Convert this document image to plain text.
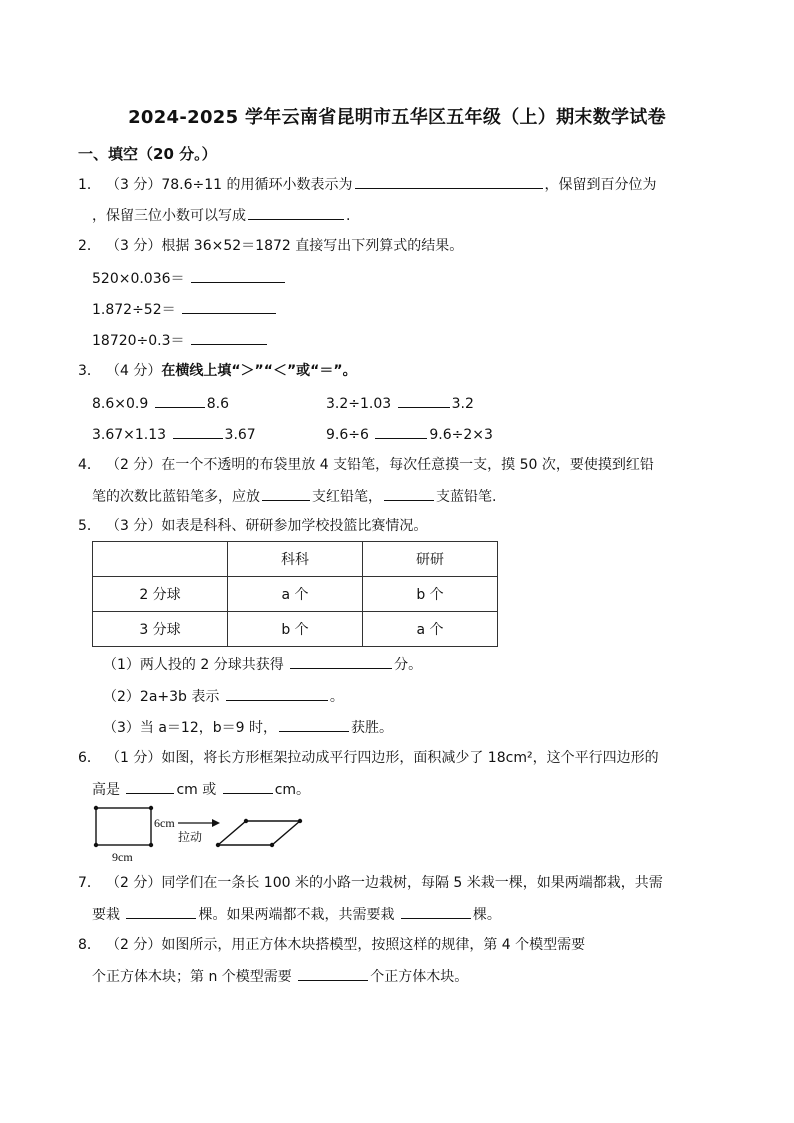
2024-2025 学年云南省昆明市五华区五年级（上）期末数学试卷
一、填空（20 分。）
1． （3 分）78.6÷11 的用循环小数表示为	，保留到百分位为
，保留三位小数可以写成	.
2． （3 分）根据 36×52＝1872 直接写出下列算式的结果。
520×0.036＝
1.872÷52＝
18720÷0.3＝
3． （4 分）在横线上填“＞”“＜”或“＝”。
8.6×0.9	8.6	3.2÷1.03	3.2
3.67×1.13	3.67	9.6÷6	9.6÷2×3
4． （2 分）在一个不透明的布袋里放 4 支铅笔，每次任意摸一支，摸 50 次，要使摸到红铅
笔的次数比蓝铅笔多，应放	支红铅笔，	支蓝铅笔.
5． （3 分）如表是科科、研研参加学校投篮比赛情况。
	科科	研研
2 分球	a 个	b 个
3 分球	b 个	a 个
（1）两人投的 2 分球共获得	分。
（2）2a+3b 表示	。
（3）当 a＝12，b＝9 时，	获胜。
6． （1 分）如图，将长方形框架拉动成平行四边形，面积减少了 18cm²，这个平行四边形的
高是	cm 或	cm。
6cm
9cm
拉动
7． （2 分）同学们在一条长 100 米的小路一边栽树，每隔 5 米栽一棵，如果两端都栽，共需
要栽	棵。如果两端都不栽，共需要栽	棵。
8． （2 分）如图所示，用正方体木块搭模型，按照这样的规律，第 4 个模型需要
个正方体木块；第 n 个模型需要	个正方体木块。
